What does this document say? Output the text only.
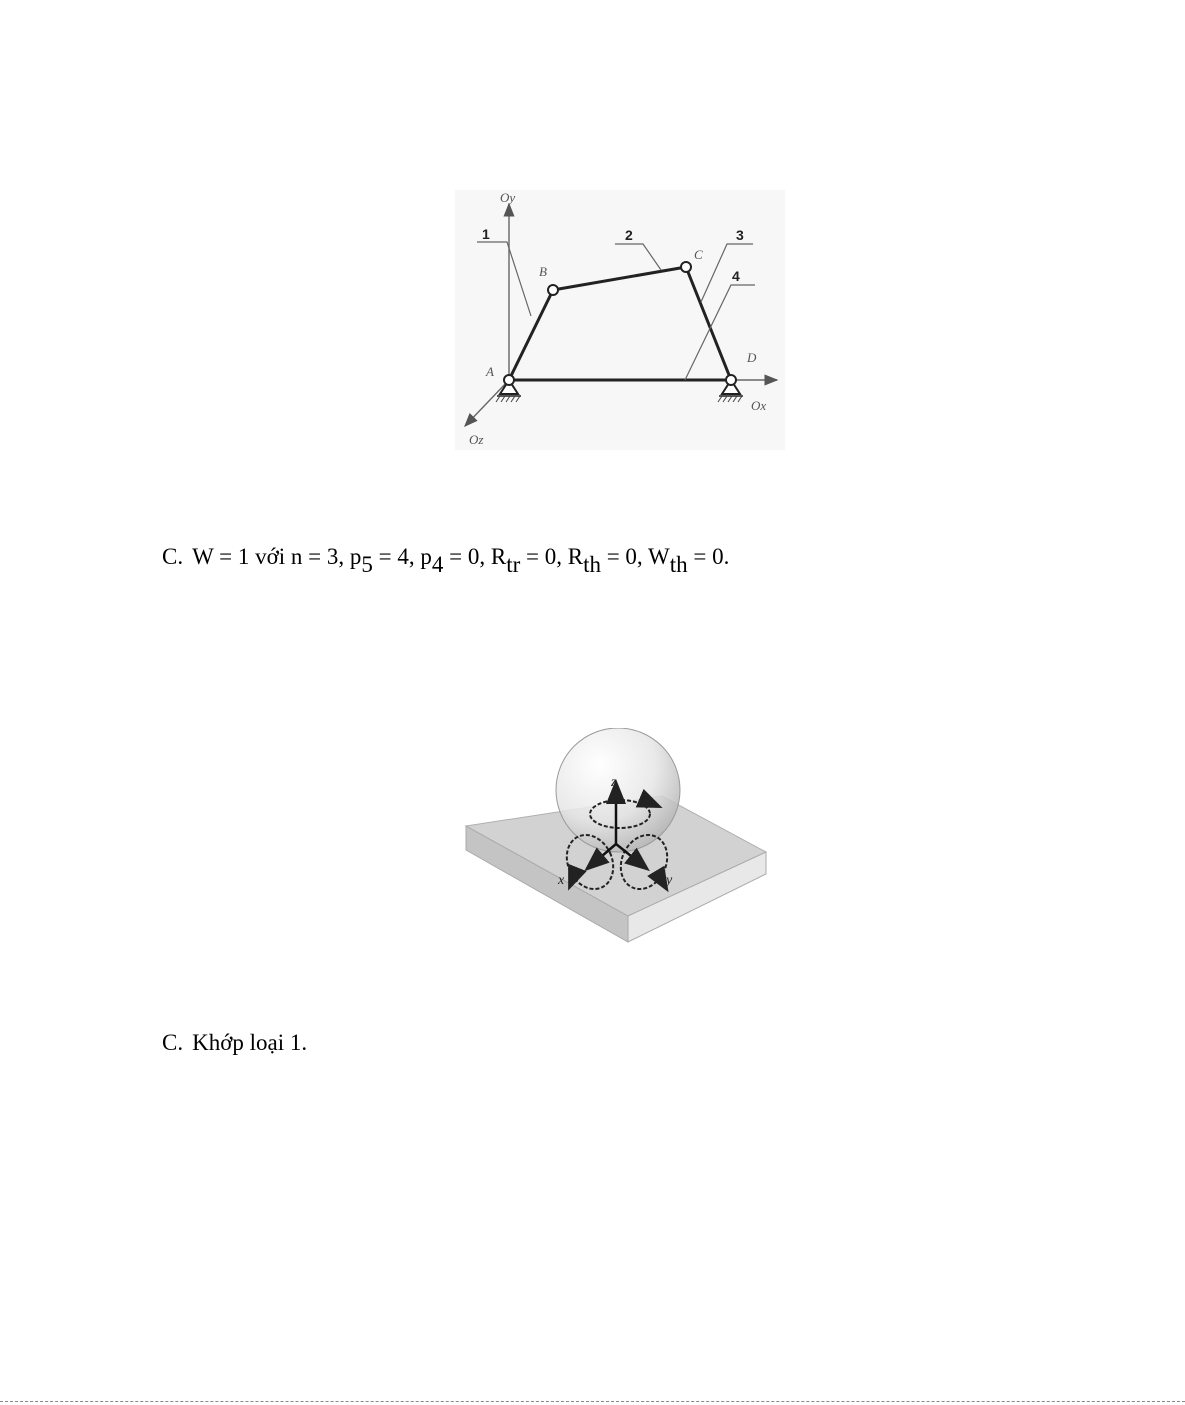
Oy
Ox
Oz
A
B
C
D
1	2	3
4
C. W = 1 với n = 3, $p_5 = 4$, $p_4 = 0$, $R_{tr} = 0$, $R_{th} = 0$, $W_{th} = 0$.
z
x	y
C. Khớp loại 1.
